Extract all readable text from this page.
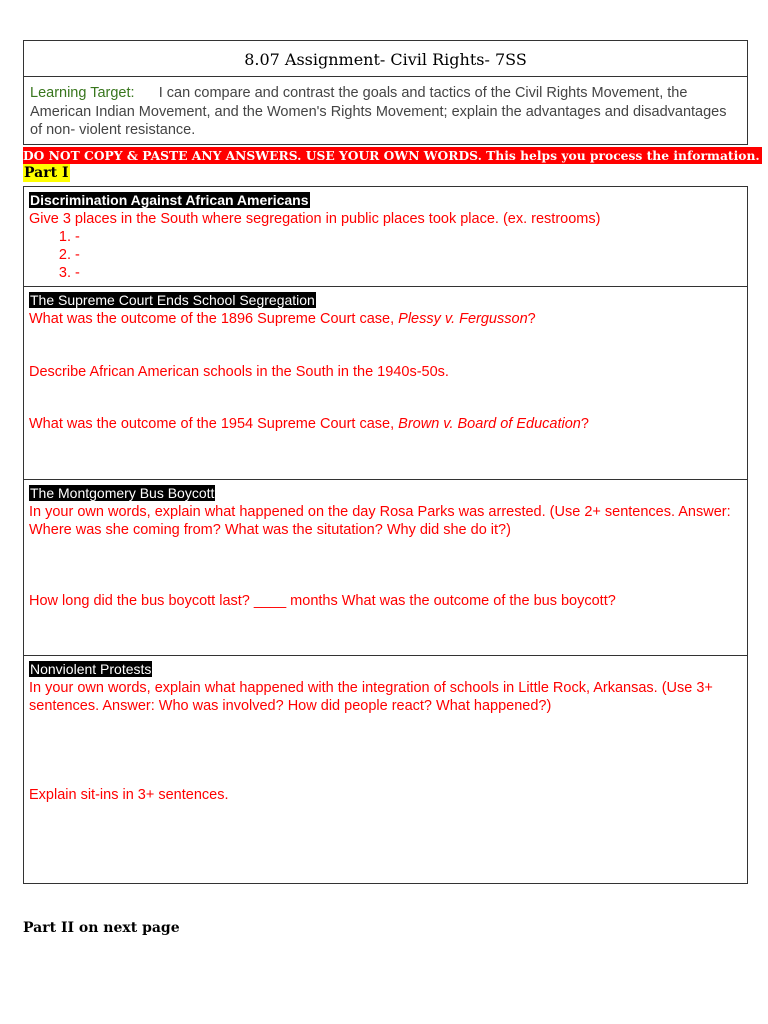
8.07 Assignment- Civil Rights- 7SS
Learning Target: I can compare and contrast the goals and tactics of the Civil Rights Movement, the American Indian Movement, and the Women's Rights Movement; explain the advantages and disadvantages of non- violent resistance.
DO NOT COPY & PASTE ANY ANSWERS. USE YOUR OWN WORDS. This helps you process the information.
Part I
Discrimination Against African Americans

Give 3 places in the South where segregation in public places took place. (ex. restrooms)

1. -
2. -
3. -
The Supreme Court Ends School Segregation

What was the outcome of the 1896 Supreme Court case, Plessy v. Fergusson?

Describe African American schools in the South in the 1940s-50s.

What was the outcome of the 1954 Supreme Court case, Brown v. Board of Education?

The Montgomery Bus Boycott

In your own words, explain what happened on the day Rosa Parks was arrested. (Use 2+ sentences. Answer: Where was she coming from? What was the situtation? Why did she do it?)

How long did the bus boycott last? ____ months What was the outcome of the bus boycott?

Nonviolent Protests

In your own words, explain what happened with the integration of schools in Little Rock, Arkansas. (Use 3+ sentences. Answer: Who was involved? How did people react? What happened?)

Explain sit-ins in 3+ sentences.

Part II on next page
